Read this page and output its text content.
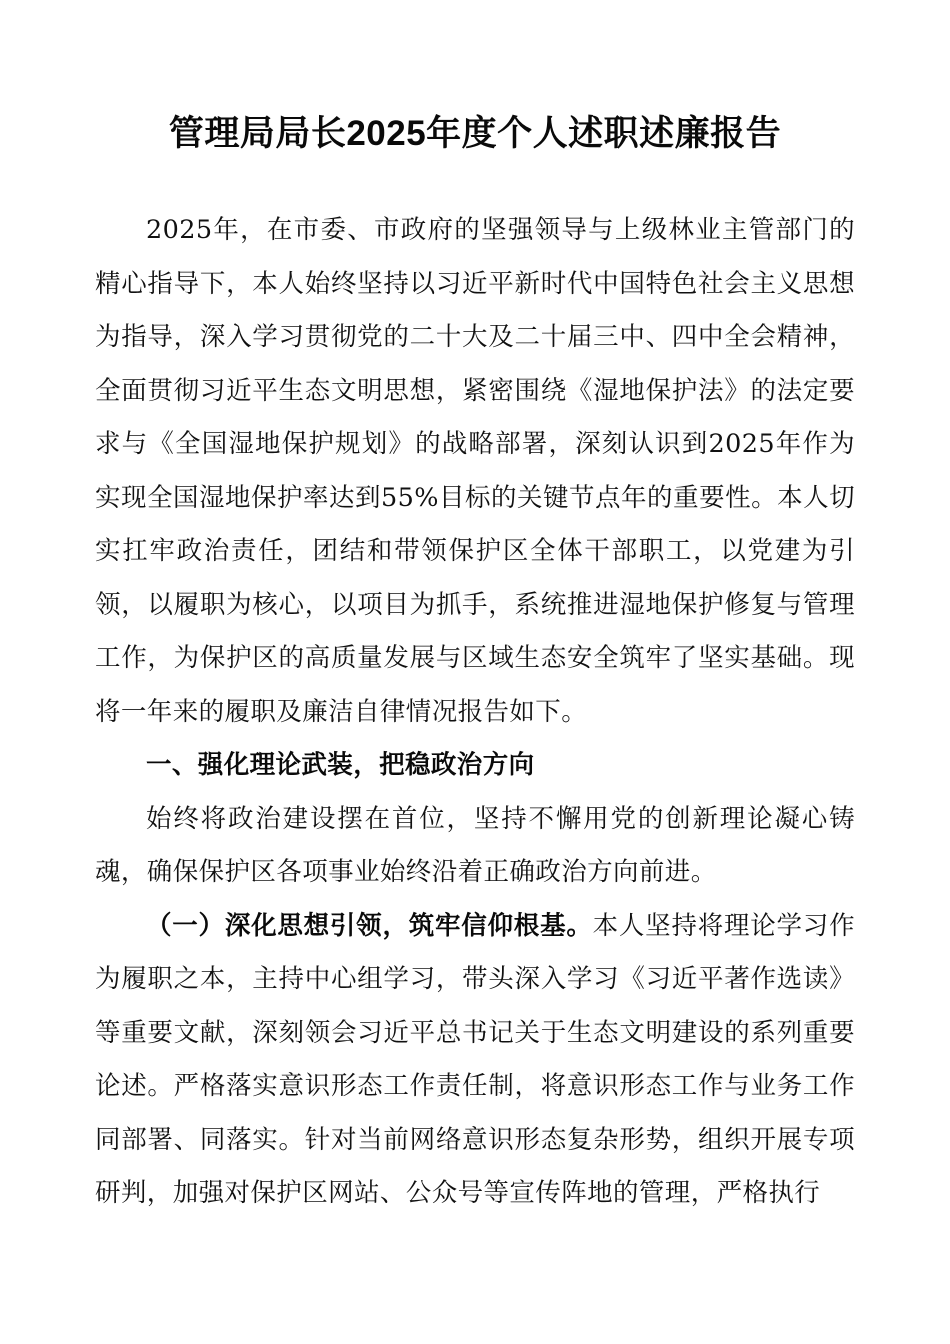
管理局局长2025年度个人述职述廉报告

2025年，在市委、市政府的坚强领导与上级林业主管部门的精心指导下，本人始终坚持以习近平新时代中国特色社会主义思想为指导，深入学习贯彻党的二十大及二十届三中、四中全会精神，全面贯彻习近平生态文明思想，紧密围绕《湿地保护法》的法定要求与《全国湿地保护规划》的战略部署，深刻认识到2025年作为实现全国湿地保护率达到55%目标的关键节点年的重要性。本人切实扛牢政治责任，团结和带领保护区全体干部职工，以党建为引领，以履职为核心，以项目为抓手，系统推进湿地保护修复与管理工作，为保护区的高质量发展与区域生态安全筑牢了坚实基础。现将一年来的履职及廉洁自律情况报告如下。

一、强化理论武装，把稳政治方向

始终将政治建设摆在首位，坚持不懈用党的创新理论凝心铸魂，确保保护区各项事业始终沿着正确政治方向前进。

（一）深化思想引领，筑牢信仰根基。本人坚持将理论学习作为履职之本，主持中心组学习，带头深入学习《习近平著作选读》等重要文献，深刻领会习近平总书记关于生态文明建设的系列重要论述。严格落实意识形态工作责任制，将意识形态工作与业务工作同部署、同落实。针对当前网络意识形态复杂形势，组织开展专项研判，加强对保护区网站、公众号等宣传阵地的管理，严格执行
